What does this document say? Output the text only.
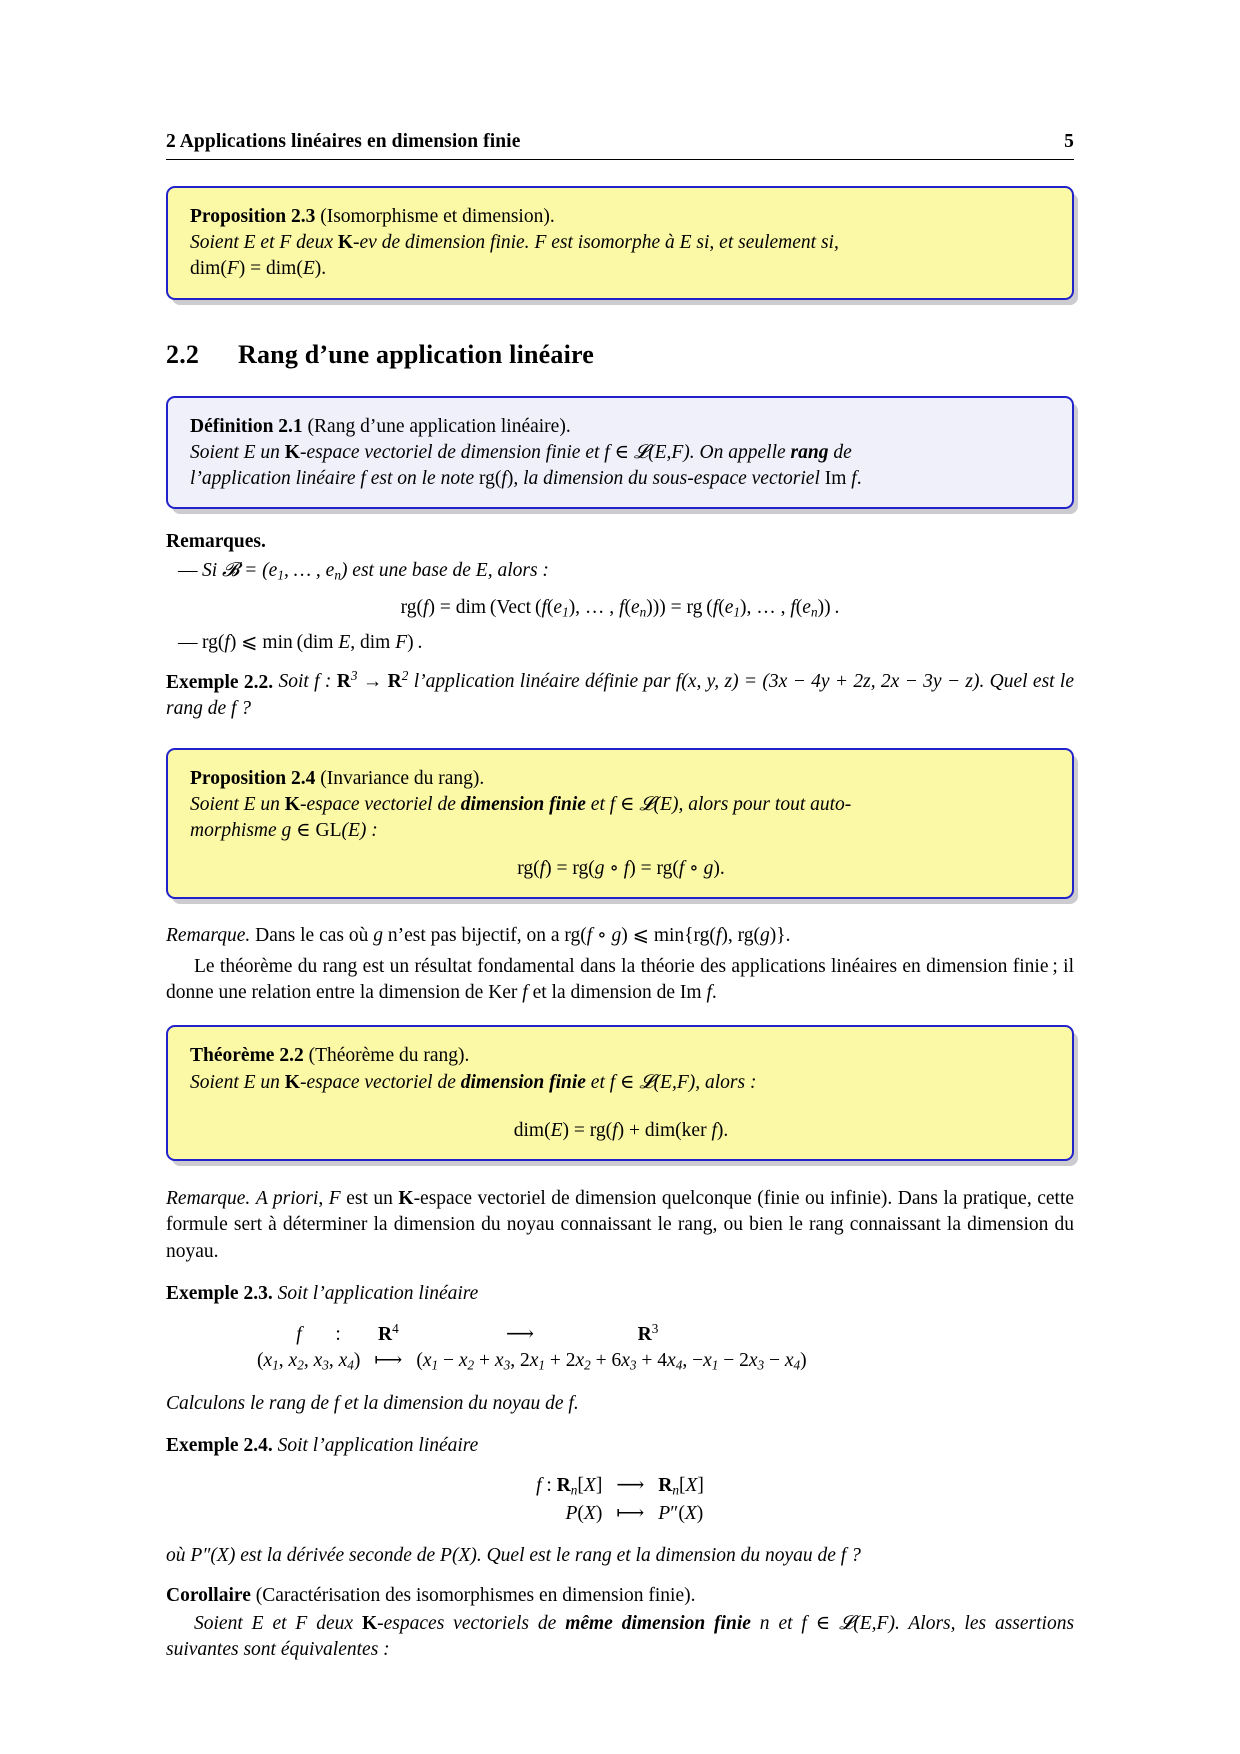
2 Applications linéaires en dimension finie	5

Proposition 2.3 (Isomorphisme et dimension).

Soient E et F deux K-ev de dimension finie. F est isomorphe à E si, et seulement si,

dim(F) = dim(E).

2.2 Rang d’une application linéaire

Définition 2.1 (Rang d’une application linéaire).

Soient E un K-espace vectoriel de dimension finie et f ∈ 𝓛(E,F). On appelle rang de

l’application linéaire f est on le note rg(f), la dimension du sous-espace vectoriel Im f.

Remarques.

— Si 𝓑 = ($e_1$, … , $e_n$) est une base de E, alors :
rg(f) = dim (Vect ($f(e_1)$, … , $f(e_n)$)) = rg ($f(e_1)$, … , $f(e_n)$) .
— rg(f) ⩽ min (dim E, dim F) .

Exemple 2.2. Soit f : $R^3 \to R^2$ l’application linéaire définie par f(x, y, z) = (3x − 4y + 2z, 2x − 3y − z). Quel est le rang de f ?

Proposition 2.4 (Invariance du rang).

Soient E un K-espace vectoriel de dimension finie et f ∈ 𝓛(E), alors pour tout auto-

morphisme g ∈ GL(E) :

rg(f) = rg(g ∘ f) = rg(f ∘ g).

Remarque. Dans le cas où g n’est pas bijectif, on a rg(f ∘ g) ⩽ min{rg(f), rg(g)}.

Le théorème du rang est un résultat fondamental dans la théorie des applications linéaires en dimension finie ; il donne une relation entre la dimension de Ker f et la dimension de Im f.

Théorème 2.2 (Théorème du rang).

Soient E un K-espace vectoriel de dimension finie et f ∈ 𝓛(E,F), alors :

dim(E) = rg(f) + dim(ker f).

Remarque. A priori, F est un K-espace vectoriel de dimension quelconque (finie ou infinie). Dans la pratique, cette formule sert à déterminer la dimension du noyau connaissant le rang, ou bien le rang connaissant la dimension du noyau.

Exemple 2.3. Soit l’application linéaire

f	:	$R^4$	⟶	$R^3$
($x_1$, $x_2$, $x_3$, $x_4$)		⟼	($x_1 - x_2 + x_3$, $2x_1 + 2x_2 + 6x_3 + 4x_4$, $-x_1 - 2x_3 - x_4$)	

Calculons le rang de f et la dimension du noyau de f.

Exemple 2.4. Soit l’application linéaire

f : $R_n[X]$	⟶	$R_n[X]$
P(X)	⟼	P″(X)

où P″(X) est la dérivée seconde de P(X). Quel est le rang et la dimension du noyau de f ?

Corollaire (Caractérisation des isomorphismes en dimension finie).

Soient E et F deux K-espaces vectoriels de même dimension finie n et f ∈ 𝓛(E,F). Alors, les assertions suivantes sont équivalentes :
